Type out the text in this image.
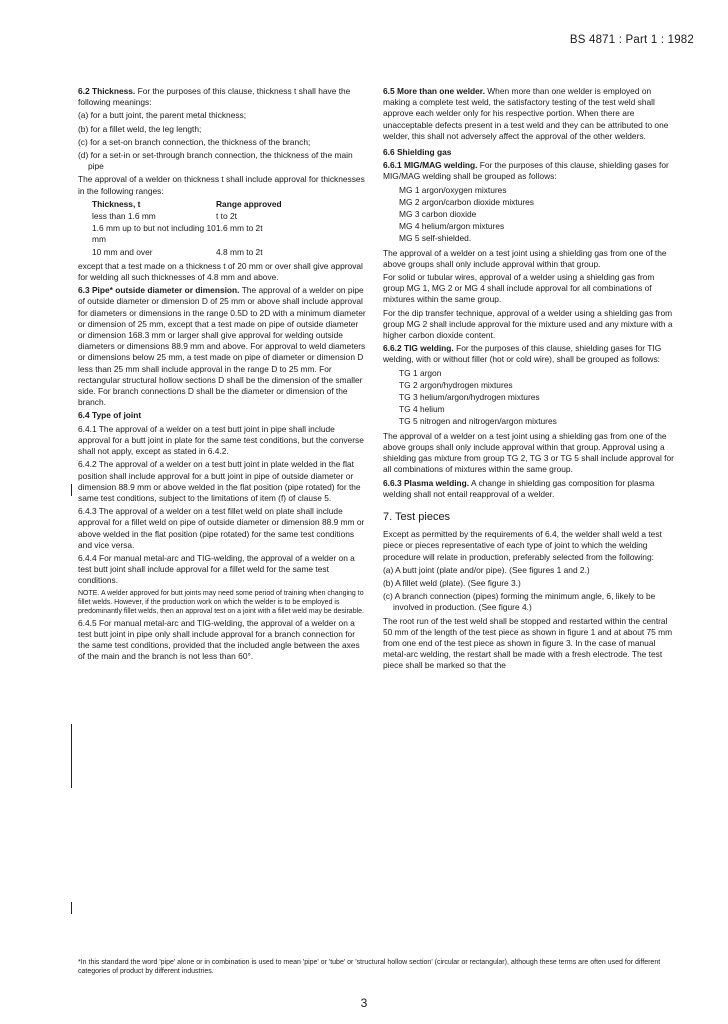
BS 4871 : Part 1 : 1982

6.2 Thickness. For the purposes of this clause, thickness t shall have the following meanings:

(a) for a butt joint, the parent metal thickness;

(b) for a fillet weld, the leg length;

(c) for a set-on branch connection, the thickness of the branch;

(d) for a set-in or set-through branch connection, the thickness of the main pipe

The approval of a welder on thickness t shall include approval for thicknesses in the following ranges:

Thickness, t	Range approved
less than 1.6 mm	t to 2t
1.6 mm up to but not including 10 mm	1.6 mm to 2t
10 mm and over	4.8 mm to 2t

except that a test made on a thickness t of 20 mm or over shall give approval for welding all such thicknesses of 4.8 mm and above.

6.3 Pipe* outside diameter or dimension. The approval of a welder on pipe of outside diameter or dimension D of 25 mm or above shall include approval for diameters or dimensions in the range 0.5D to 2D with a minimum diameter or dimension of 25 mm, except that a test made on pipe of outside diameter or dimension 168.3 mm or larger shall give approval for welding outside diameters or dimensions 88.9 mm and above. For approval to weld diameters or dimensions below 25 mm, a test made on pipe of diameter or dimension D less than 25 mm shall include approval in the range D to 25 mm. For rectangular structural hollow sections D shall be the dimension of the smaller side. For branch connections D shall be the diameter or dimension of the branch.

6.4 Type of joint

6.4.1 The approval of a welder on a test butt joint in pipe shall include approval for a butt joint in plate for the same test conditions, but the converse shall not apply, except as stated in 6.4.2.

6.4.2 The approval of a welder on a test butt joint in plate welded in the flat position shall include approval for a butt joint in pipe of outside diameter or dimension 88.9 mm or above welded in the flat position (pipe rotated) for the same test conditions, subject to the limitations of item (f) of clause 5.

6.4.3 The approval of a welder on a test fillet weld on plate shall include approval for a fillet weld on pipe of outside diameter or dimension 88.9 mm or above welded in the flat position (pipe rotated) for the same test conditions and vice versa.

6.4.4 For manual metal-arc and TIG-welding, the approval of a welder on a test butt joint shall include approval for a fillet weld for the same test conditions.

NOTE. A welder approved for butt joints may need some period of training when changing to fillet welds. However, if the production work on which the welder is to be employed is predominantly fillet welds, then an approval test on a joint with a fillet weld may be desirable.

6.4.5 For manual metal-arc and TIG-welding, the approval of a welder on a test butt joint in pipe only shall include approval for a branch connection for the same test conditions, provided that the included angle between the axes of the main and the branch is not less than 60°.

6.5 More than one welder. When more than one welder is employed on making a complete test weld, the satisfactory testing of the test weld shall approve each welder only for his respective portion. When there are unacceptable defects present in a test weld and they can be attributed to one welder, this shall not adversely affect the approval of the other welders.

6.6 Shielding gas

6.6.1 MIG/MAG welding. For the purposes of this clause, shielding gases for MIG/MAG welding shall be grouped as follows:

MG 1 argon/oxygen mixtures
MG 2 argon/carbon dioxide mixtures
MG 3 carbon dioxide
MG 4 helium/argon mixtures
MG 5 self-shielded.

The approval of a welder on a test joint using a shielding gas from one of the above groups shall only include approval within that group.

For solid or tubular wires, approval of a welder using a shielding gas from group MG 1, MG 2 or MG 4 shall include approval for all combinations of mixtures within the same group.

For the dip transfer technique, approval of a welder using a shielding gas from group MG 2 shall include approval for the mixture used and any mixture with a higher carbon dioxide content.

6.6.2 TIG welding. For the purposes of this clause, shielding gases for TIG welding, with or without filler (hot or cold wire), shall be grouped as follows:

TG 1 argon
TG 2 argon/hydrogen mixtures
TG 3 helium/argon/hydrogen mixtures
TG 4 helium
TG 5 nitrogen and nitrogen/argon mixtures

The approval of a welder on a test joint using a shielding gas from one of the above groups shall only include approval within that group. Approval using a shielding gas mixture from group TG 2, TG 3 or TG 5 shall include approval for all combinations of mixtures within the same group.

6.6.3 Plasma welding. A change in shielding gas composition for plasma welding shall not entail reapproval of a welder.

7. Test pieces

Except as permitted by the requirements of 6.4, the welder shall weld a test piece or pieces representative of each type of joint to which the welding procedure will relate in production, preferably selected from the following:

(a) A butt joint (plate and/or pipe). (See figures 1 and 2.)

(b) A fillet weld (plate). (See figure 3.)

(c) A branch connection (pipes) forming the minimum angle, 6, likely to be involved in production. (See figure 4.)

The root run of the test weld shall be stopped and restarted within the central 50 mm of the length of the test piece as shown in figure 1 and at about 75 mm from one end of the test piece as shown in figure 3. In the case of manual metal-arc welding, the restart shall be made with a fresh electrode. The test piece shall be marked so that the

*In this standard the word 'pipe' alone or in combination is used to mean 'pipe' or 'tube' or 'structural hollow section' (circular or rectangular), although these terms are often used for different categories of product by different industries.
3
